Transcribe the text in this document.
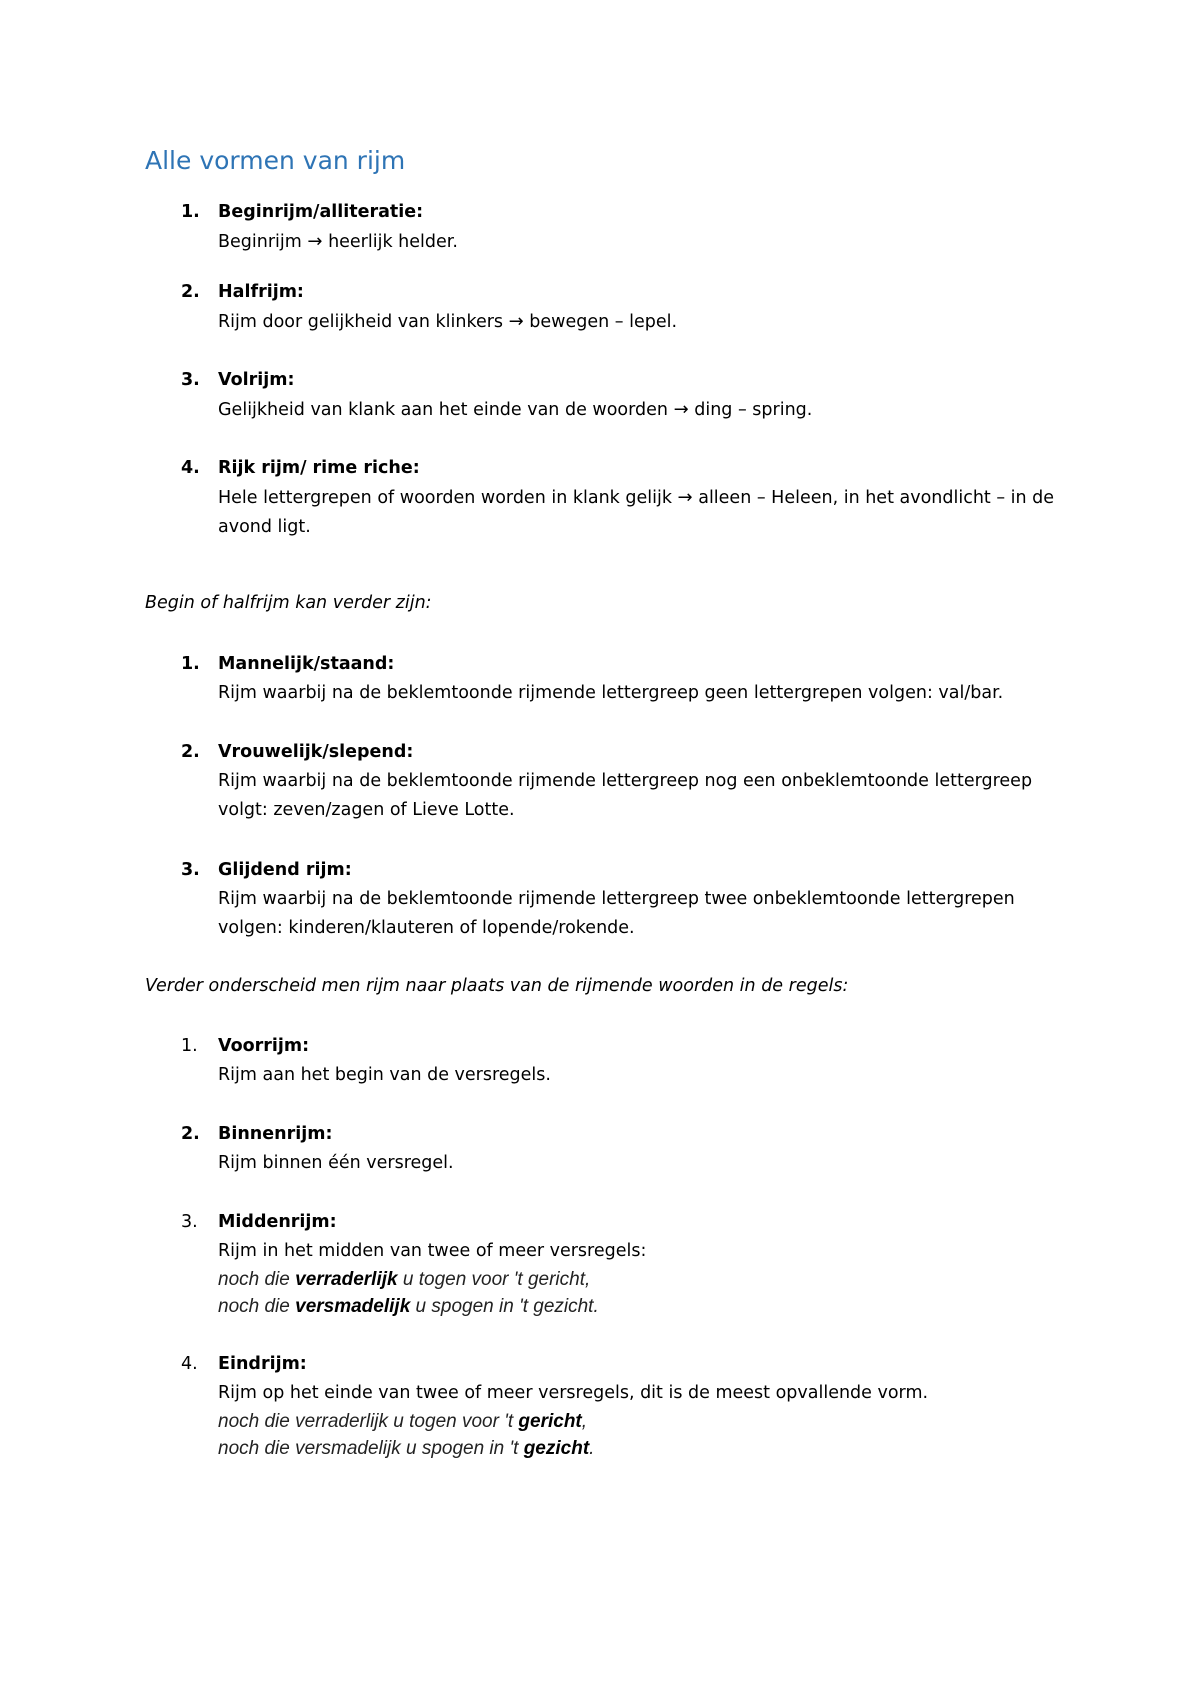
Alle vormen van rijm
1. Beginrijm/alliteratie:
Beginrijm → heerlijk helder.
2. Halfrijm:
Rijm door gelijkheid van klinkers → bewegen – lepel.
3. Volrijm:
Gelijkheid van klank aan het einde van de woorden → ding – spring.
4. Rijk rijm/ rime riche:
Hele lettergrepen of woorden worden in klank gelijk → alleen – Heleen, in het avondlicht – in de avond ligt.
Begin of halfrijm kan verder zijn:
1. Mannelijk/staand:
Rijm waarbij na de beklemtoonde rijmende lettergreep geen lettergrepen volgen: val/bar.
2. Vrouwelijk/slepend:
Rijm waarbij na de beklemtoonde rijmende lettergreep nog een onbeklemtoonde lettergreep volgt: zeven/zagen of Lieve Lotte.
3. Glijdend rijm:
Rijm waarbij na de beklemtoonde rijmende lettergreep twee onbeklemtoonde lettergrepen volgen: kinderen/klauteren of lopende/rokende.
Verder onderscheid men rijm naar plaats van de rijmende woorden in de regels:
1. Voorrijm:
Rijm aan het begin van de versregels.
2. Binnenrijm:
Rijm binnen één versregel.
3. Middenrijm:
Rijm in het midden van twee of meer versregels:
noch die verraderlijk u togen voor 't gericht,
noch die versmadelijk u spogen in 't gezicht.
4. Eindrijm:
Rijm op het einde van twee of meer versregels, dit is de meest opvallende vorm.
noch die verraderlijk u togen voor 't gericht,
noch die versmadelijk u spogen in 't gezicht.
